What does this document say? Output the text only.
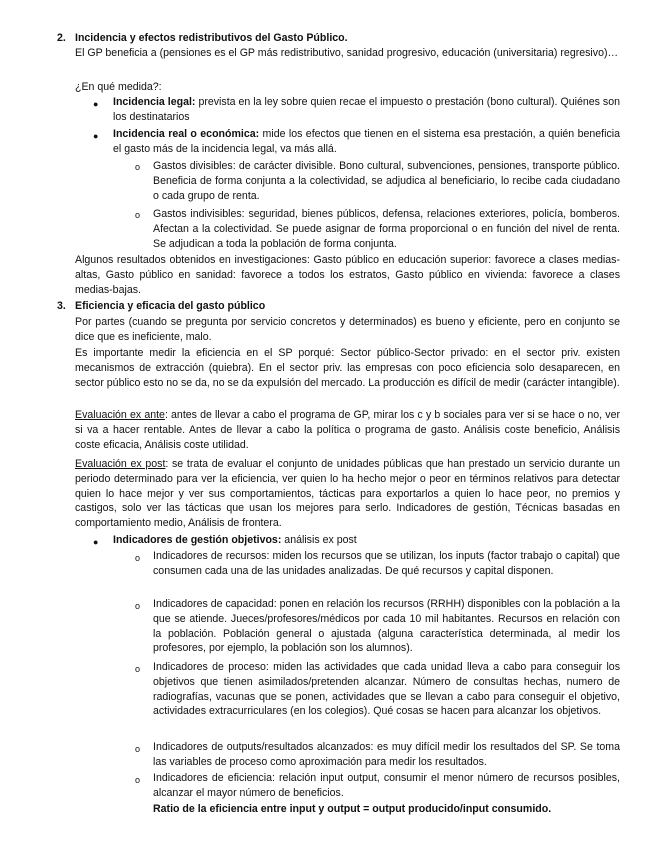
2. Incidencia y efectos redistributivos del Gasto Público.
El GP beneficia a (pensiones es el GP más redistributivo, sanidad progresivo, educación (universitaria) regresivo)…
¿En qué medida?:
● Incidencia legal: prevista en la ley sobre quien recae el impuesto o prestación (bono cultural). Quiénes son los destinatarios
● Incidencia real o económica: mide los efectos que tienen en el sistema esa prestación, a quién beneficia el gasto más de la incidencia legal, va más allá.
o Gastos divisibles: de carácter divisible. Bono cultural, subvenciones, pensiones, transporte público. Beneficia de forma conjunta a la colectividad, se adjudica al beneficiario, lo recibe cada ciudadano o cada grupo de renta.
o Gastos indivisibles: seguridad, bienes públicos, defensa, relaciones exteriores, policía, bomberos. Afectan a la colectividad. Se puede asignar de forma proporcional o en función del nivel de renta. Se adjudican a toda la población de forma conjunta.
Algunos resultados obtenidos en investigaciones: Gasto público en educación superior: favorece a clases medias-altas, Gasto público en sanidad: favorece a todos los estratos, Gasto público en vivienda: favorece a clases medias-bajas.
3. Eficiencia y eficacia del gasto público
Por partes (cuando se pregunta por servicio concretos y determinados) es bueno y eficiente, pero en conjunto se dice que es ineficiente, malo.
Es importante medir la eficiencia en el SP porqué: Sector público-Sector privado: en el sector priv. existen mecanismos de extracción (quiebra). En el sector priv. las empresas con poco eficiencia solo desaparecen, en sector público esto no se da, no se da expulsión del mercado. La producción es difícil de medir (carácter intangible).
Evaluación ex ante: antes de llevar a cabo el programa de GP, mirar los c y b sociales para ver si se hace o no, ver si va a hacer rentable. Antes de llevar a cabo la política o programa de gasto. Análisis coste beneficio, Análisis coste eficacia, Análisis coste utilidad.
Evaluación ex post: se trata de evaluar el conjunto de unidades públicas que han prestado un servicio durante un periodo determinado para ver la eficiencia, ver quien lo ha hecho mejor o peor en términos relativos para detectar quien lo hace mejor y ver sus comportamientos, tácticas para exportarlos a quien lo hace peor, no premios y castigos, solo ver las tácticas que usan los mejores para serlo. Indicadores de gestión, Técnicas basadas en comportamiento medio, Análisis de frontera.
● Indicadores de gestión objetivos: análisis ex post
o Indicadores de recursos: miden los recursos que se utilizan, los inputs (factor trabajo o capital) que consumen cada una de las unidades analizadas. De qué recursos y capital disponen.
o Indicadores de capacidad: ponen en relación los recursos (RRHH) disponibles con la población a la que se atiende. Jueces/profesores/médicos por cada 10 mil habitantes. Recursos en relación con la población. Población general o ajustada (alguna característica determinada, al medir los profesores, por ejemplo, la población son los alumnos).
o Indicadores de proceso: miden las actividades que cada unidad lleva a cabo para conseguir los objetivos que tienen asimilados/pretenden alcanzar. Número de consultas hechas, numero de radiografías, vacunas que se ponen, actividades que se llevan a cabo para conseguir el objetivo, actividades extracurriculares (en los colegios). Qué cosas se hacen para alcanzar los objetivos.
o Indicadores de outputs/resultados alcanzados: es muy difícil medir los resultados del SP. Se toma las variables de proceso como aproximación para medir los resultados.
o Indicadores de eficiencia: relación input output, consumir el menor número de recursos posibles, alcanzar el mayor número de beneficios.
Ratio de la eficiencia entre input y output = output producido/input consumido.
